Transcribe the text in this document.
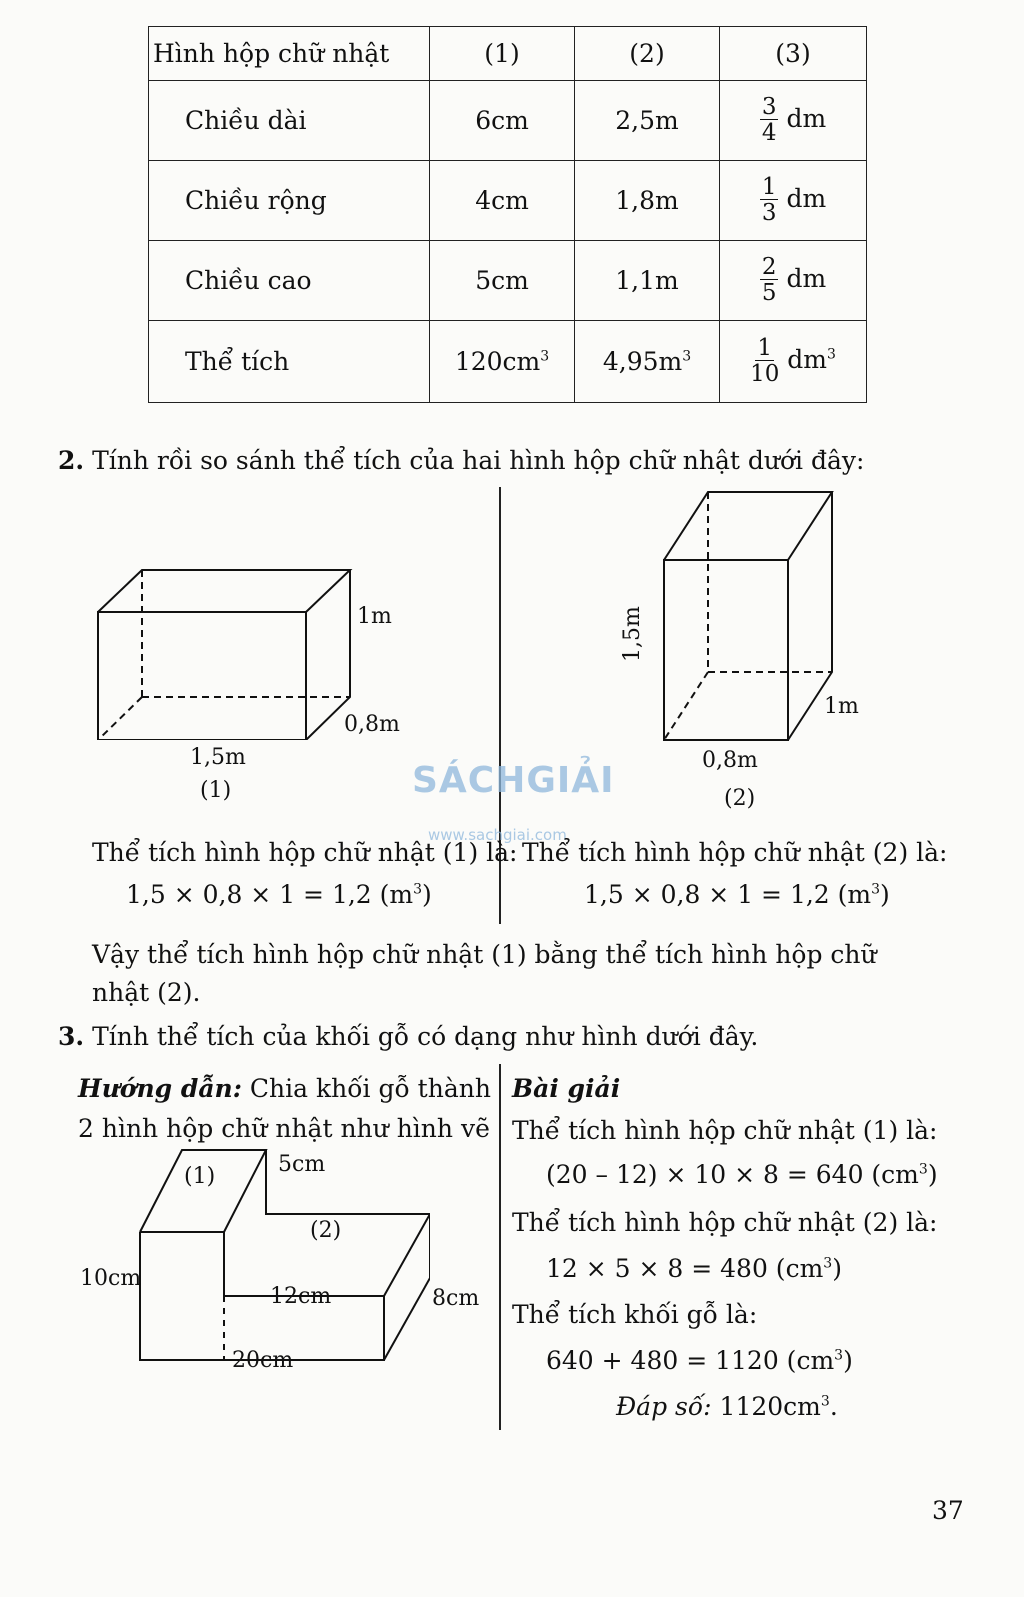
Hình hộp chữ nhật	(1)	(2)	(3)
Chiều dài	6cm	2,5m	$\frac{3}{4}$ dm
Chiều rộng	4cm	1,8m	$\frac{1}{3}$ dm
Chiều cao	5cm	1,1m	$\frac{2}{5}$ dm
Thể tích	$120cm^3$	$4,95m^3$	$\frac{1}{10} dm^3$
2. Tính rồi so sánh thể tích của hai hình hộp chữ nhật dưới đây:
1m
0,8m
1,5m
(1)
1,5m
1m
0,8m
(2)
SÁCHGIẢI
www.sachgiai.com
Thể tích hình hộp chữ nhật (1) là:
1,5 × 0,8 × 1 = 1,2 $(m^3)$
Thể tích hình hộp chữ nhật (2) là:
1,5 × 0,8 × 1 = 1,2 $(m^3)$
Vậy thể tích hình hộp chữ nhật (1) bằng thể tích hình hộp chữ
nhật (2).
3. Tính thể tích của khối gỗ có dạng như hình dưới đây.
Hướng dẫn: Chia khối gỗ thành
2 hình hộp chữ nhật như hình vẽ
(1)	5cm
(2)
10cm
12cm	8cm
20cm
Bài giải
Thể tích hình hộp chữ nhật (1) là:
(20 – 12) × 10 × 8 = 640 $(cm^3)$
Thể tích hình hộp chữ nhật (2) là:
12 × 5 × 8 = 480 $(cm^3)$
Thể tích khối gỗ là:
640 + 480 = 1120 $(cm^3)$
Đáp số: $1120cm^3$.
37
